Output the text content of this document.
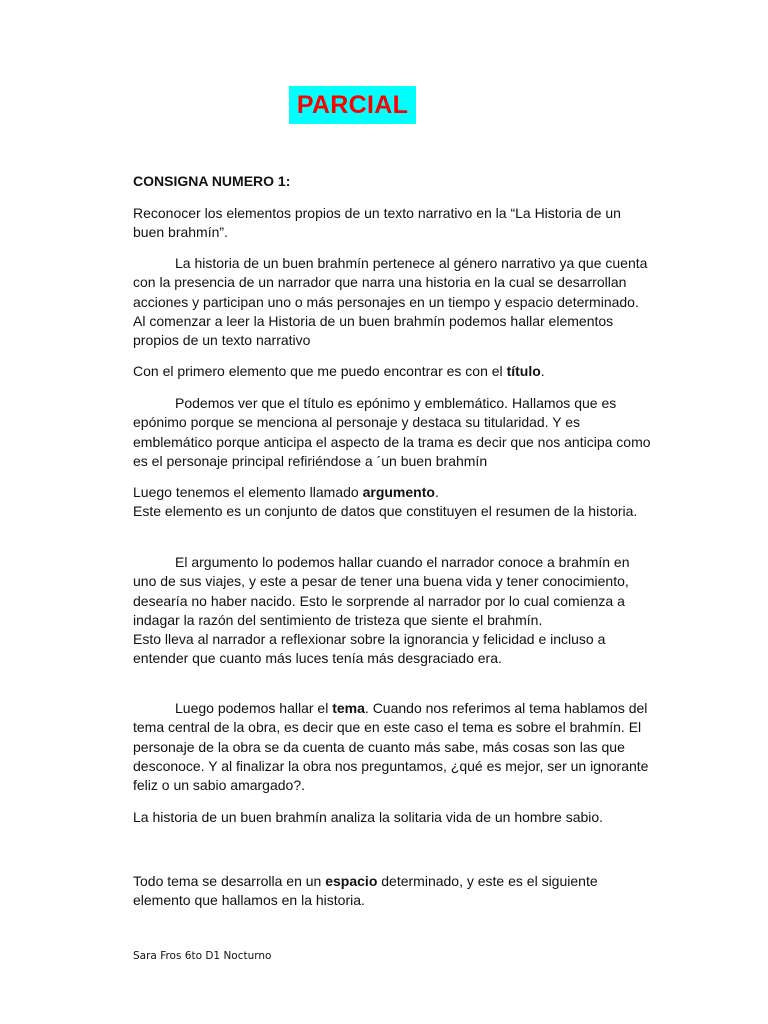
PARCIAL

CONSIGNA NUMERO 1:

Reconocer los elementos propios de un texto narrativo en la “La Historia de un buen brahmín”.

La historia de un buen brahmín pertenece al género narrativo ya que cuenta con la presencia de un narrador que narra una historia en la cual se desarrollan acciones y participan uno o más personajes en un tiempo y espacio determinado. Al comenzar a leer la Historia de un buen brahmín podemos hallar elementos propios de un texto narrativo

Con el primero elemento que me puedo encontrar es con el título.

Podemos ver que el título es epónimo y emblemático. Hallamos que es epónimo porque se menciona al personaje y destaca su titularidad. Y es emblemático porque anticipa el aspecto de la trama es decir que nos anticipa como es el personaje principal refiriéndose a ´un buen brahmín

Luego tenemos el elemento llamado argumento.
Este elemento es un conjunto de datos que constituyen el resumen de la historia.
El argumento lo podemos hallar cuando el narrador conoce a brahmín en uno de sus viajes, y este a pesar de tener una buena vida y tener conocimiento, desearía no haber nacido. Esto le sorprende al narrador por lo cual comienza a indagar la razón del sentimiento de tristeza que siente el brahmín.
Esto lleva al narrador a reflexionar sobre la ignorancia y felicidad e incluso a entender que cuanto más luces tenía más desgraciado era.

Luego podemos hallar el tema. Cuando nos referimos al tema hablamos del tema central de la obra, es decir que en este caso el tema es sobre el brahmín. El personaje de la obra se da cuenta de cuanto más sabe, más cosas son las que desconoce. Y al finalizar la obra nos preguntamos, ¿qué es mejor, ser un ignorante feliz o un sabio amargado?.

La historia de un buen brahmín analiza la solitaria vida de un hombre sabio.

Todo tema se desarrolla en un espacio determinado, y este es el siguiente elemento que hallamos en la historia.

Sara Fros 6to D1 Nocturno
